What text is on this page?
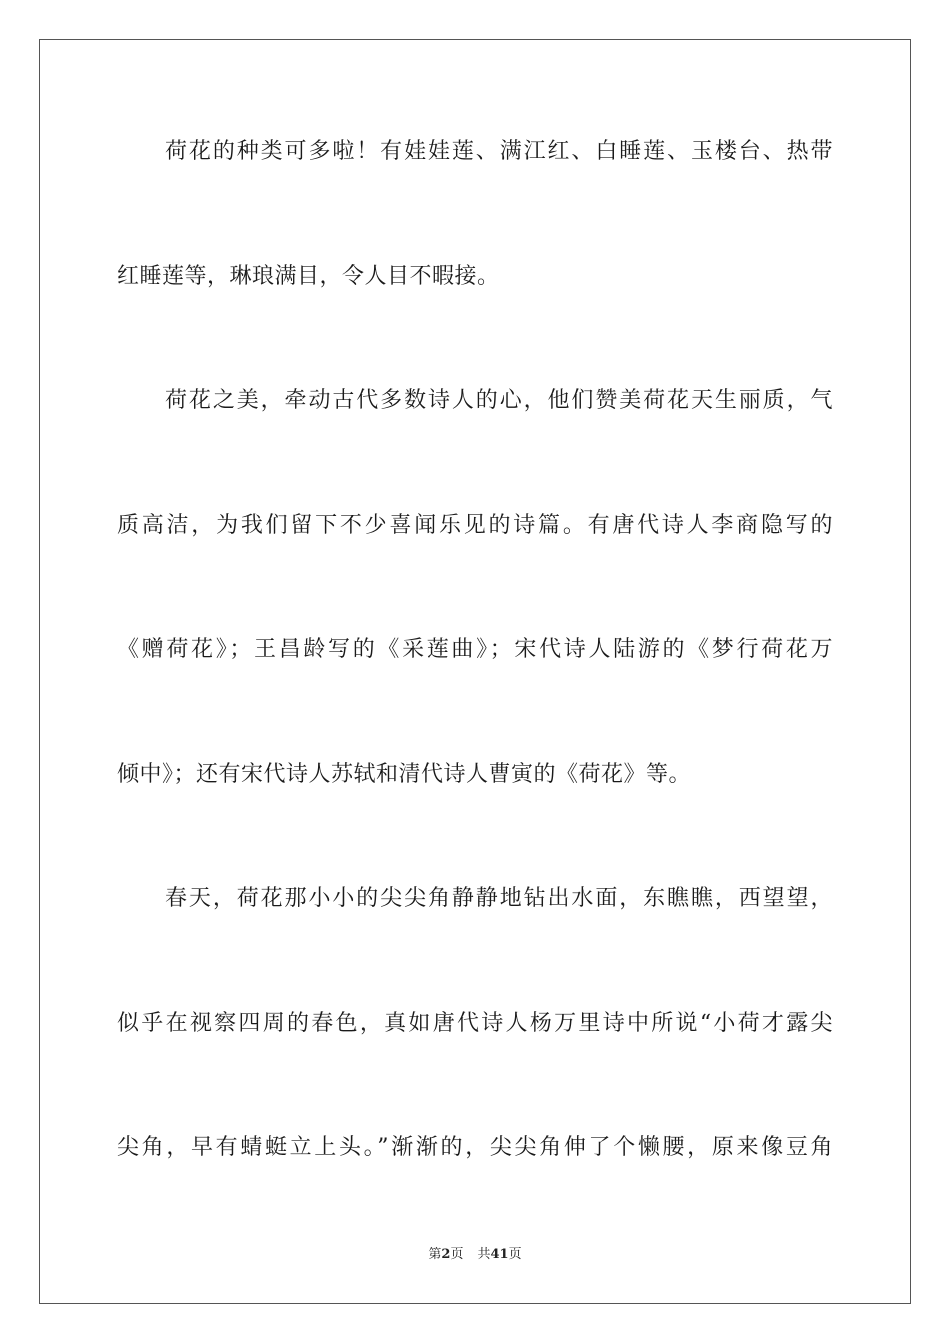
荷花的种类可多啦！有娃娃莲、满江红、白睡莲、玉楼台、热带
红睡莲等，琳琅满目，令人目不暇接。
荷花之美，牵动古代多数诗人的心，他们赞美荷花天生丽质，气
质高洁，为我们留下不少喜闻乐见的诗篇。有唐代诗人李商隐写的
《赠荷花》；王昌龄写的《采莲曲》；宋代诗人陆游的《梦行荷花万
倾中》；还有宋代诗人苏轼和清代诗人曹寅的《荷花》等。
春天，荷花那小小的尖尖角静静地钻出水面，东瞧瞧，西望望，
似乎在视察四周的春色，真如唐代诗人杨万里诗中所说“小荷才露尖
尖角，早有蜻蜓立上头。”渐渐的，尖尖角伸了个懒腰，原来像豆角
第2页 共41页
